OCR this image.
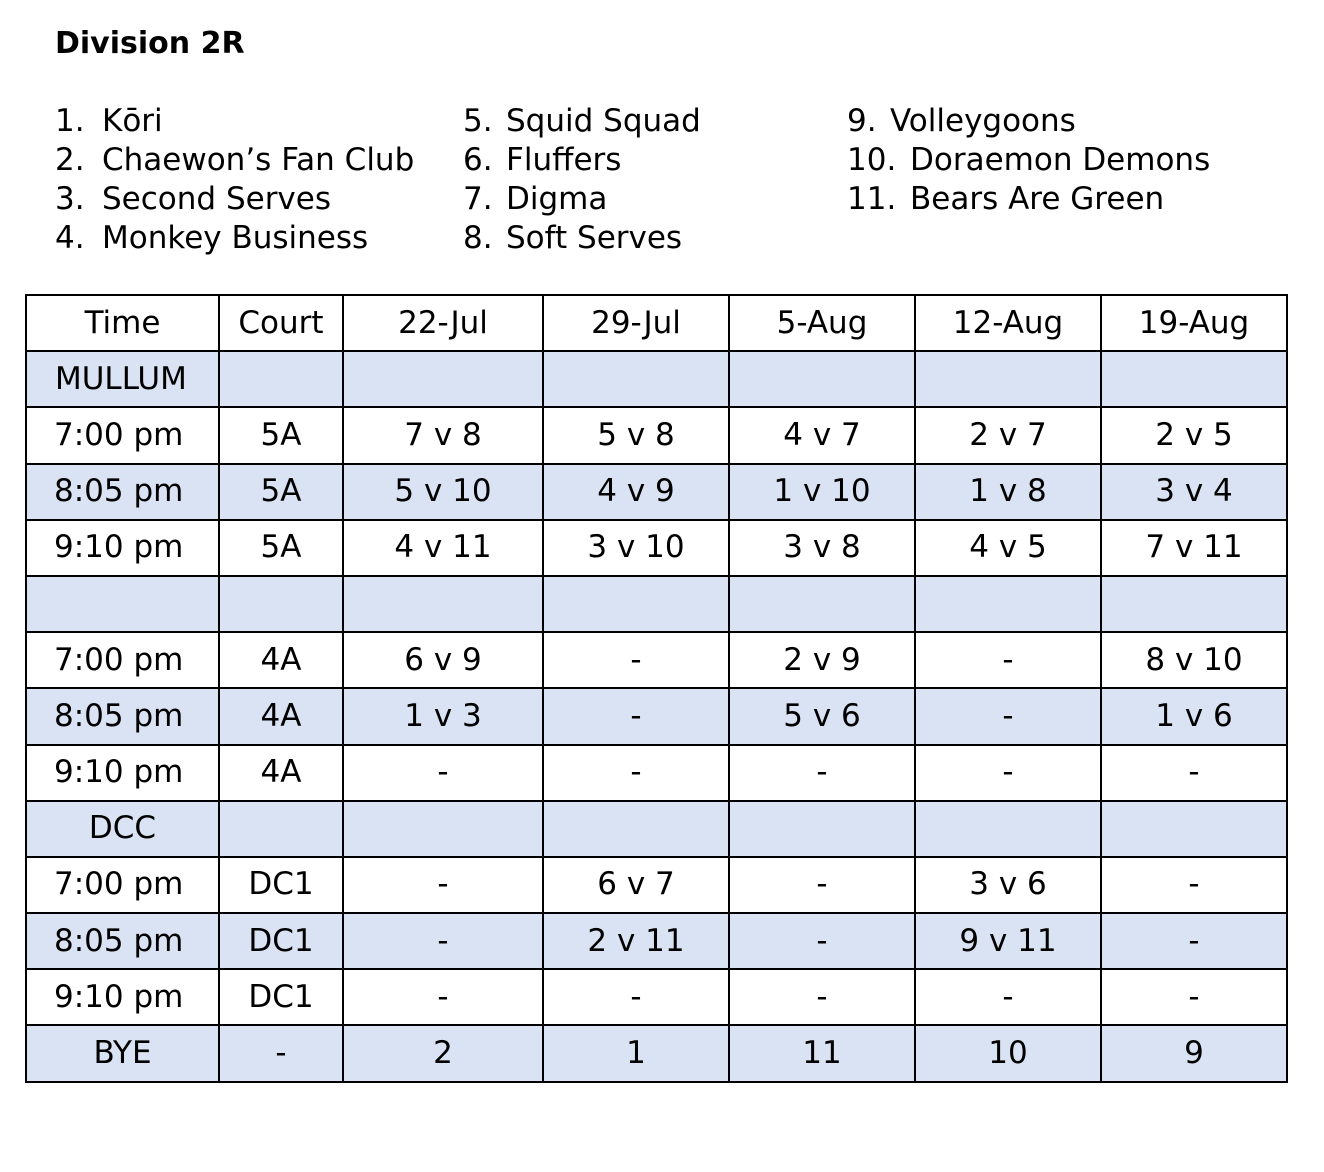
Division 2R
1. Kōri
2. Chaewon’s Fan Club
3. Second Serves
4. Monkey Business
5. Squid Squad
6. Fluffers
7. Digma
8. Soft Serves
9. Volleygoons
10. Doraemon Demons
11. Bears Are Green
Time	Court	22-Jul	29-Jul	5-Aug	12-Aug	19-Aug
MULLUM						
7:00 pm	5A	7 v 8	5 v 8	4 v 7	2 v 7	2 v 5
8:05 pm	5A	5 v 10	4 v 9	1 v 10	1 v 8	3 v 4
9:10 pm	5A	4 v 11	3 v 10	3 v 8	4 v 5	7 v 11

7:00 pm	4A	6 v 9	-	2 v 9	-	8 v 10
8:05 pm	4A	1 v 3	-	5 v 6	-	1 v 6
9:10 pm	4A	-	-	-	-	-
DCC						
7:00 pm	DC1	-	6 v 7	-	3 v 6	-
8:05 pm	DC1	-	2 v 11	-	9 v 11	-
9:10 pm	DC1	-	-	-	-	-
BYE	-	2	1	11	10	9
